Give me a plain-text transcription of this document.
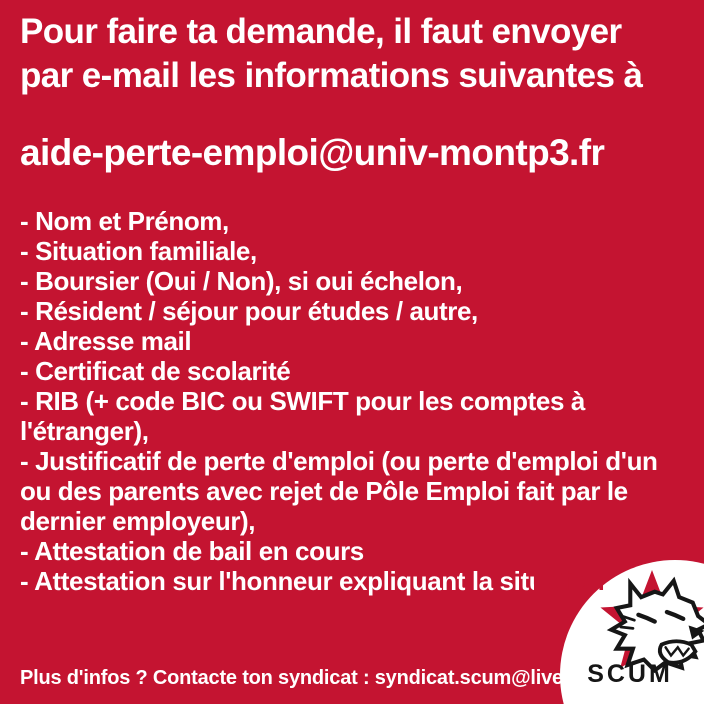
Pour faire ta demande, il faut envoyer
par e-mail les informations suivantes à
aide-perte-emploi@univ-montp3.fr
- Nom et Prénom,
- Situation familiale,
- Boursier (Oui / Non), si oui échelon,
- Résident / séjour pour études / autre,
- Adresse mail
- Certificat de scolarité
- RIB (+ code BIC ou SWIFT pour les comptes à l'étranger),
- Justificatif de perte d'emploi (ou perte d'emploi d'un ou des parents avec rejet de Pôle Emploi fait par le dernier employeur),
- Attestation de bail en cours
- Attestation sur l'honneur expliquant la situation
Plus d'infos ? Contacte ton syndicat : syndicat.scum@live.fr SCUM
